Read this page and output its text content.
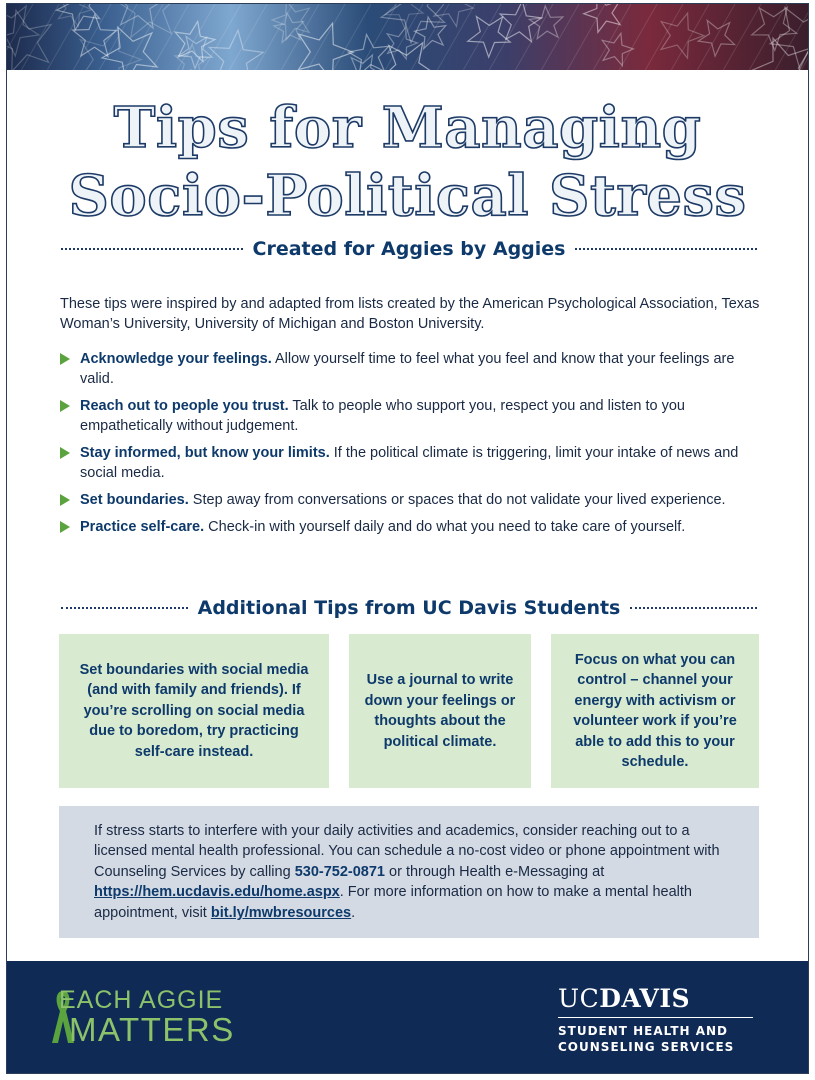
Tips for Managing
Socio-Political Stress
Created for Aggies by Aggies
These tips were inspired by and adapted from lists created by the American Psychological Association, Texas Woman’s University, University of Michigan and Boston University.
Acknowledge your feelings. Allow yourself time to feel what you feel and know that your feelings are valid.
Reach out to people you trust. Talk to people who support you, respect you and listen to you empathetically without judgement.
Stay informed, but know your limits. If the political climate is triggering, limit your intake of news and social media.
Set boundaries. Step away from conversations or spaces that do not validate your lived experience.
Practice self-care. Check-in with yourself daily and do what you need to take care of yourself.
Additional Tips from UC Davis Students
Set boundaries with social media (and with family and friends). If you’re scrolling on social media due to boredom, try practicing self-care instead.
Use a journal to write down your feelings or thoughts about the political climate.
Focus on what you can control – channel your energy with activism or volunteer work if you’re able to add this to your schedule.
If stress starts to interfere with your daily activities and academics, consider reaching out to a licensed mental health professional. You can schedule a no-cost video or phone appointment with Counseling Services by calling 530-752-0871 or through Health e-Messaging at https://hem.ucdavis.edu/home.aspx. For more information on how to make a mental health appointment, visit bit.ly/mwbresources.
EACH AGGIE
MATTERS
UCDAVIS
STUDENT HEALTH AND
COUNSELING SERVICES
